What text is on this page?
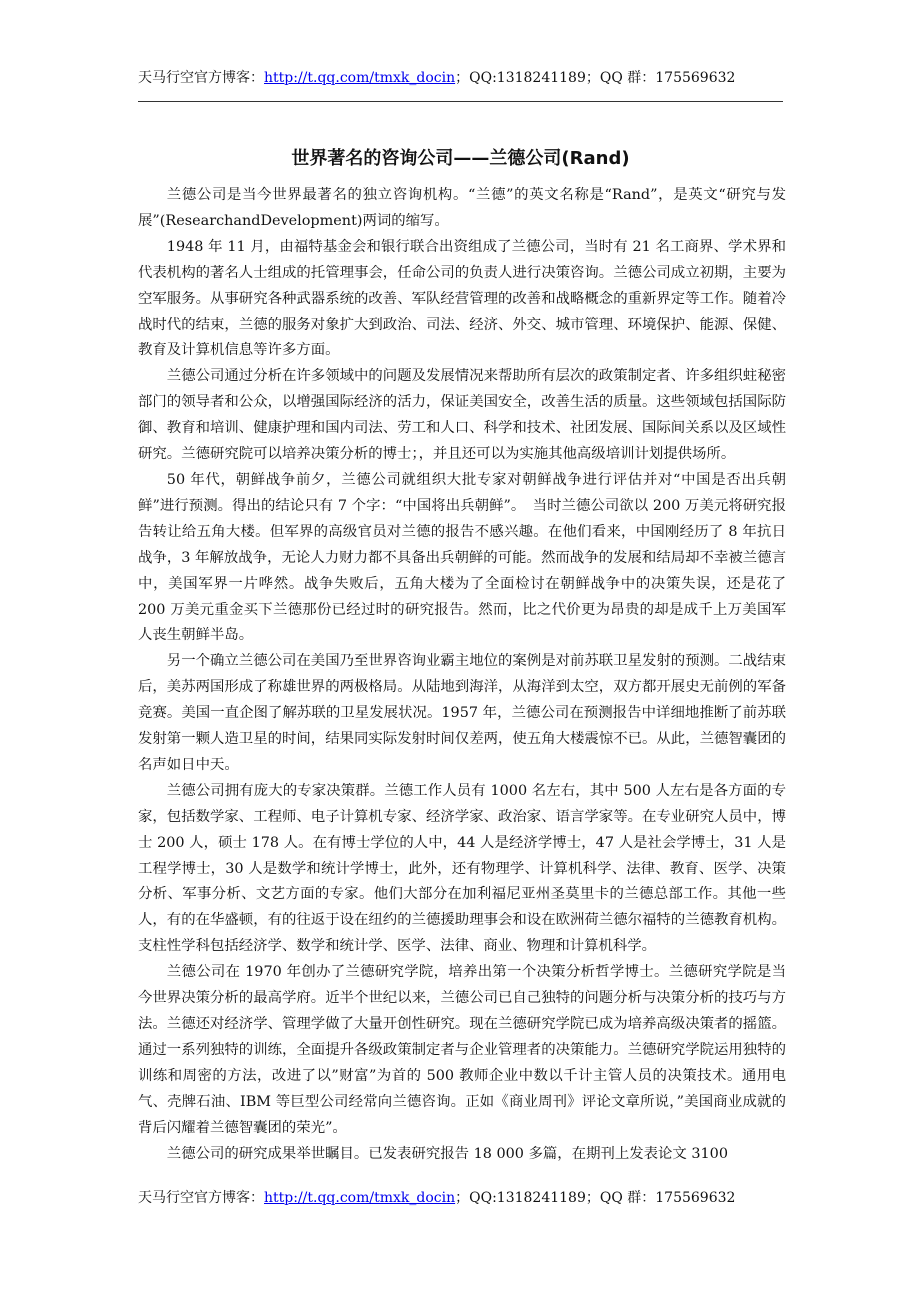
天马行空官方博客：http://t.qq.com/tmxk_docin；QQ:1318241189；QQ 群：175569632
世界著名的咨询公司——兰德公司(Rand)

兰德公司是当今世界最著名的独立咨询机构。“兰德”的英文名称是“Rand”，是英文“研究与发展”(ResearchandDevelopment)两词的缩写。

1948 年 11 月，由福特基金会和银行联合出资组成了兰德公司，当时有 21 名工商界、学术界和代表机构的著名人士组成的托管理事会，任命公司的负责人进行决策咨询。兰德公司成立初期，主要为空军服务。从事研究各种武器系统的改善、军队经营管理的改善和战略概念的重新界定等工作。随着冷战时代的结束，兰德的服务对象扩大到政治、司法、经济、外交、城市管理、环境保护、能源、保健、教育及计算机信息等许多方面。

兰德公司通过分析在许多领域中的问题及发展情况来帮助所有层次的政策制定者、许多组织蛀秘密部门的领导者和公众，以增强国际经济的活力，保证美国安全，改善生活的质量。这些领域包括国际防御、教育和培训、健康护理和国内司法、劳工和人口、科学和技术、社团发展、国际间关系以及区域性研究。兰德研究院可以培养决策分析的博士；，并且还可以为实施其他高级培训计划提供场所。

50 年代，朝鲜战争前夕，兰德公司就组织大批专家对朝鲜战争进行评估并对“中国是否出兵朝鲜”进行预测。得出的结论只有 7 个字：“中国将出兵朝鲜”。　当时兰德公司欲以 200 万美元将研究报告转让给五角大楼。但军界的高级官员对兰德的报告不感兴趣。在他们看来，中国刚经历了 8 年抗日战争，3 年解放战争，无论人力财力都不具备出兵朝鲜的可能。然而战争的发展和结局却不幸被兰德言中，美国军界一片哗然。战争失败后，五角大楼为了全面检讨在朝鲜战争中的决策失误，还是花了 200 万美元重金买下兰德那份已经过时的研究报告。然而，比之代价更为昂贵的却是成千上万美国军人丧生朝鲜半岛。

另一个确立兰德公司在美国乃至世界咨询业霸主地位的案例是对前苏联卫星发射的预测。二战结束后，美苏两国形成了称雄世界的两极格局。从陆地到海洋，从海洋到太空，双方都开展史无前例的军备竞赛。美国一直企图了解苏联的卫星发展状况。1957 年，兰德公司在预测报告中详细地推断了前苏联发射第一颗人造卫星的时间，结果同实际发射时间仅差两，使五角大楼震惊不已。从此，兰德智囊团的名声如日中天。

兰德公司拥有庞大的专家决策群。兰德工作人员有 1000 名左右，其中 500 人左右是各方面的专家，包括数学家、工程师、电子计算机专家、经济学家、政治家、语言学家等。在专业研究人员中，博士 200 人，硕士 178 人。在有博士学位的人中，44 人是经济学博士，47 人是社会学博士，31 人是工程学博士，30 人是数学和统计学博士，此外，还有物理学、计算机科学、法律、教育、医学、决策分析、军事分析、文艺方面的专家。他们大部分在加利福尼亚州圣莫里卡的兰德总部工作。其他一些人，有的在华盛顿，有的往返于设在纽约的兰德援助理事会和设在欧洲荷兰德尔福特的兰德教育机构。支柱性学科包括经济学、数学和统计学、医学、法律、商业、物理和计算机科学。

兰德公司在 1970 年创办了兰德研究学院，培养出第一个决策分析哲学博士。兰德研究学院是当今世界决策分析的最高学府。近半个世纪以来，兰德公司已自己独特的问题分析与决策分析的技巧与方法。兰德还对经济学、管理学做了大量开创性研究。现在兰德研究学院已成为培养高级决策者的摇篮。通过一系列独特的训练，全面提升各级政策制定者与企业管理者的决策能力。兰德研究学院运用独特的训练和周密的方法，改进了以”财富”为首的 500 教师企业中数以千计主管人员的决策技术。通用电气、壳牌石油、IBM 等巨型公司经常向兰德咨询。正如《商业周刊》评论文章所说，”美国商业成就的背后闪耀着兰德智囊团的荣光”。

兰德公司的研究成果举世瞩目。已发表研究报告 18 000 多篇，在期刊上发表论文 3100

天马行空官方博客：http://t.qq.com/tmxk_docin；QQ:1318241189；QQ 群：175569632
